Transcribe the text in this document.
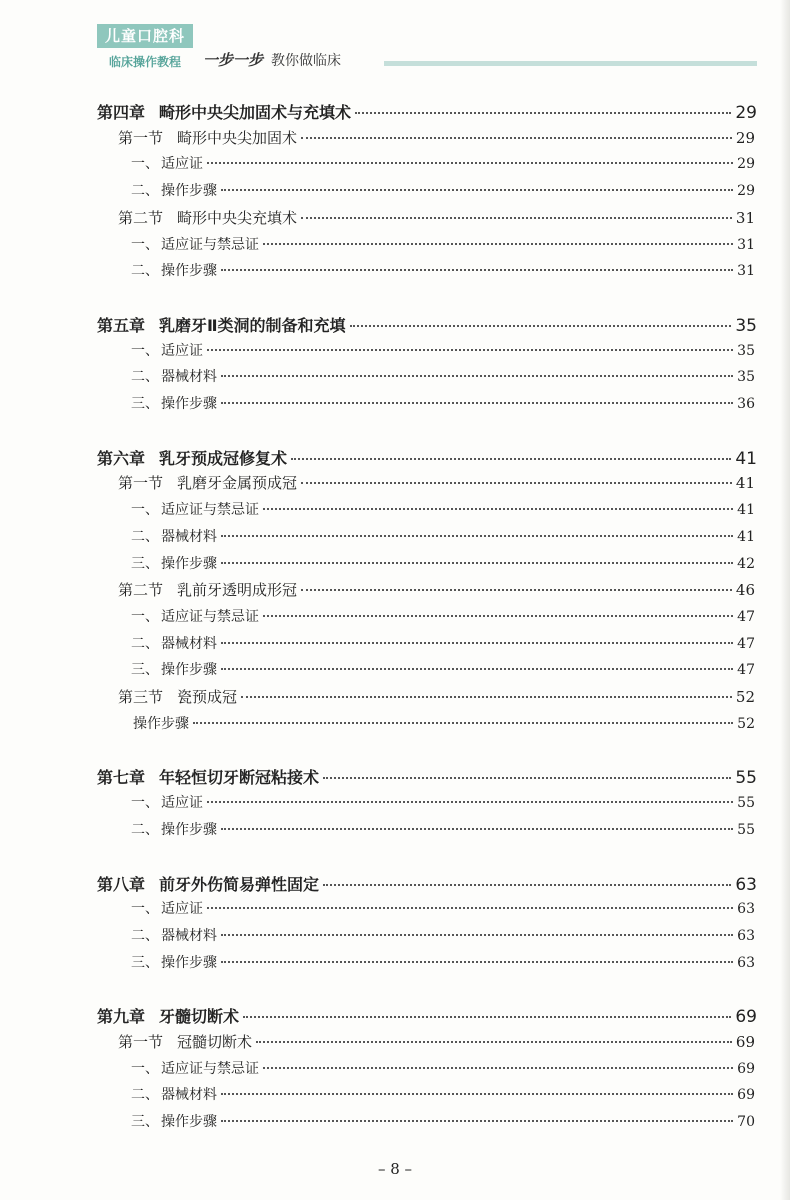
儿童口腔科
临床操作教程	一步一步 教你做临床
第四章 畸形中央尖加固术与充填术	29
第一节 畸形中央尖加固术	29
一、 适应证	29
二、 操作步骤	29
第二节 畸形中央尖充填术	31
一、 适应证与禁忌证	31
二、 操作步骤	31
第五章 乳磨牙Ⅱ类洞的制备和充填	35
一、 适应证	35
二、 器械材料	35
三、 操作步骤	36
第六章 乳牙预成冠修复术	41
第一节 乳磨牙金属预成冠	41
一、 适应证与禁忌证	41
二、 器械材料	41
三、 操作步骤	42
第二节 乳前牙透明成形冠	46
一、 适应证与禁忌证	47
二、 器械材料	47
三、 操作步骤	47
第三节 瓷预成冠	52
操作步骤	52
第七章 年轻恒切牙断冠粘接术	55
一、 适应证	55
二、 操作步骤	55
第八章 前牙外伤简易弹性固定	63
一、 适应证	63
二、 器械材料	63
三、 操作步骤	63
第九章 牙髓切断术	69
第一节 冠髓切断术	69
一、 适应证与禁忌证	69
二、 器械材料	69
三、 操作步骤	70
– 8 –
